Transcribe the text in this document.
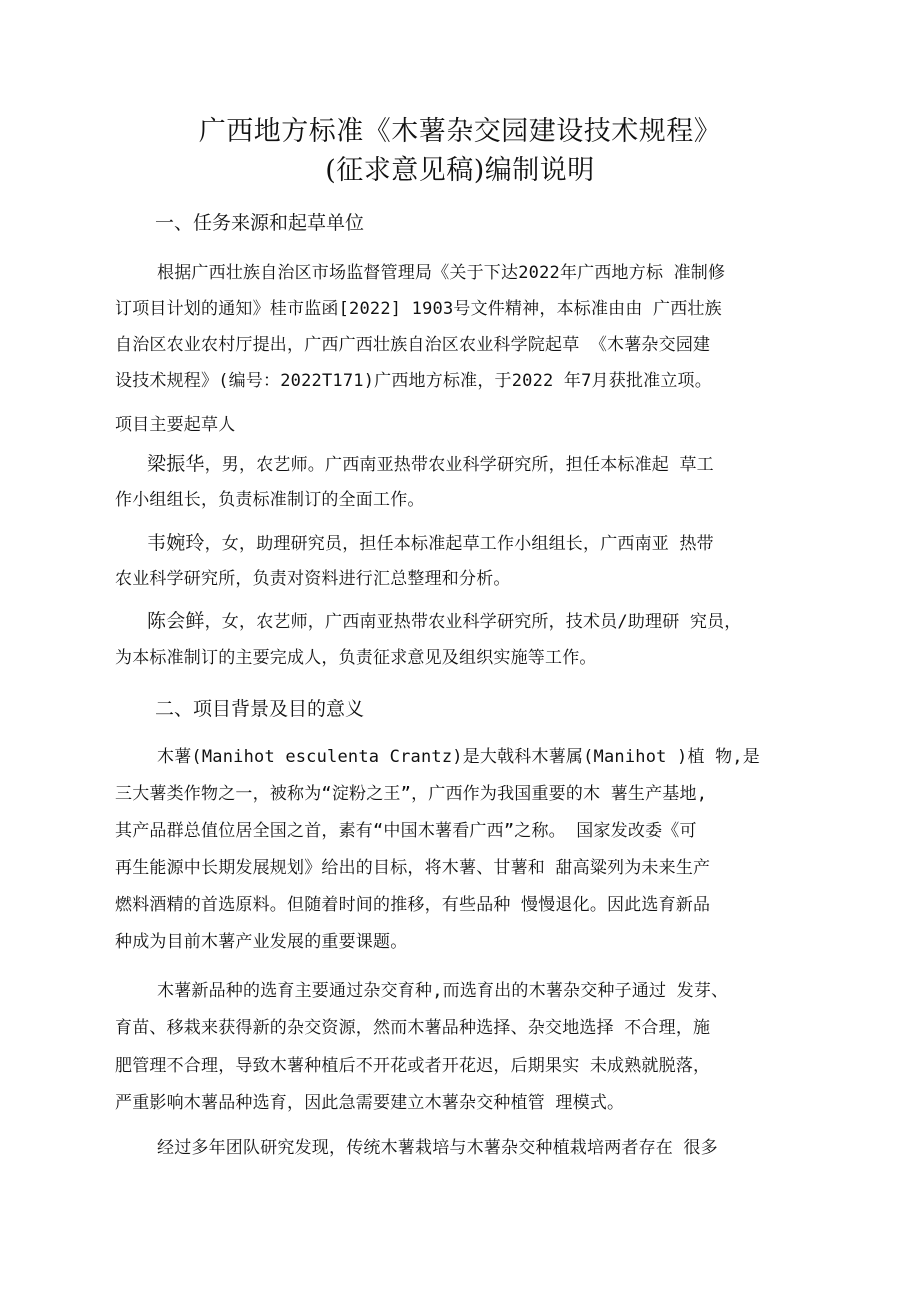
广西地方标准《木薯杂交园建设技术规程》
(征求意见稿)编制说明
一、任务来源和起草单位
根据广西壮族自治区市场监督管理局《关于下达2022年广西地方标 准制修
订项目计划的通知》桂市监函[2022] 1903号文件精神，本标准由由 广西壮族
自治区农业农村厅提出，广西广西壮族自治区农业科学院起草 《木薯杂交园建
设技术规程》(编号：2022T171)广西地方标准，于2022 年7月获批准立项。
项目主要起草人
梁振华，男，农艺师。广西南亚热带农业科学研究所，担任本标准起 草工
作小组组长，负责标准制订的全面工作。
韦婉玲，女，助理研究员，担任本标准起草工作小组组长，广西南亚 热带
农业科学研究所，负责对资料进行汇总整理和分析。
陈会鲜，女，农艺师，广西南亚热带农业科学研究所，技术员/助理研 究员，
为本标准制订的主要完成人，负责征求意见及组织实施等工作。
二、项目背景及目的意义
木薯(Manihot esculenta Crantz)是大戟科木薯属(Manihot )植 物,是
三大薯类作物之一，被称为“淀粉之王”，广西作为我国重要的木 薯生产基地,
其产品群总值位居全国之首，素有“中国木薯看广西”之称。 国家发改委《可
再生能源中长期发展规划》给出的目标，将木薯、甘薯和 甜高粱列为未来生产
燃料酒精的首选原料。但随着时间的推移，有些品种 慢慢退化。因此选育新品
种成为目前木薯产业发展的重要课题。
木薯新品种的选育主要通过杂交育种,而选育出的木薯杂交种子通过 发芽、
育苗、移栽来获得新的杂交资源，然而木薯品种选择、杂交地选择 不合理，施
肥管理不合理，导致木薯种植后不开花或者开花迟，后期果实 未成熟就脱落，
严重影响木薯品种选育，因此急需要建立木薯杂交种植管 理模式。
经过多年团队研究发现，传统木薯栽培与木薯杂交种植栽培两者存在 很多
